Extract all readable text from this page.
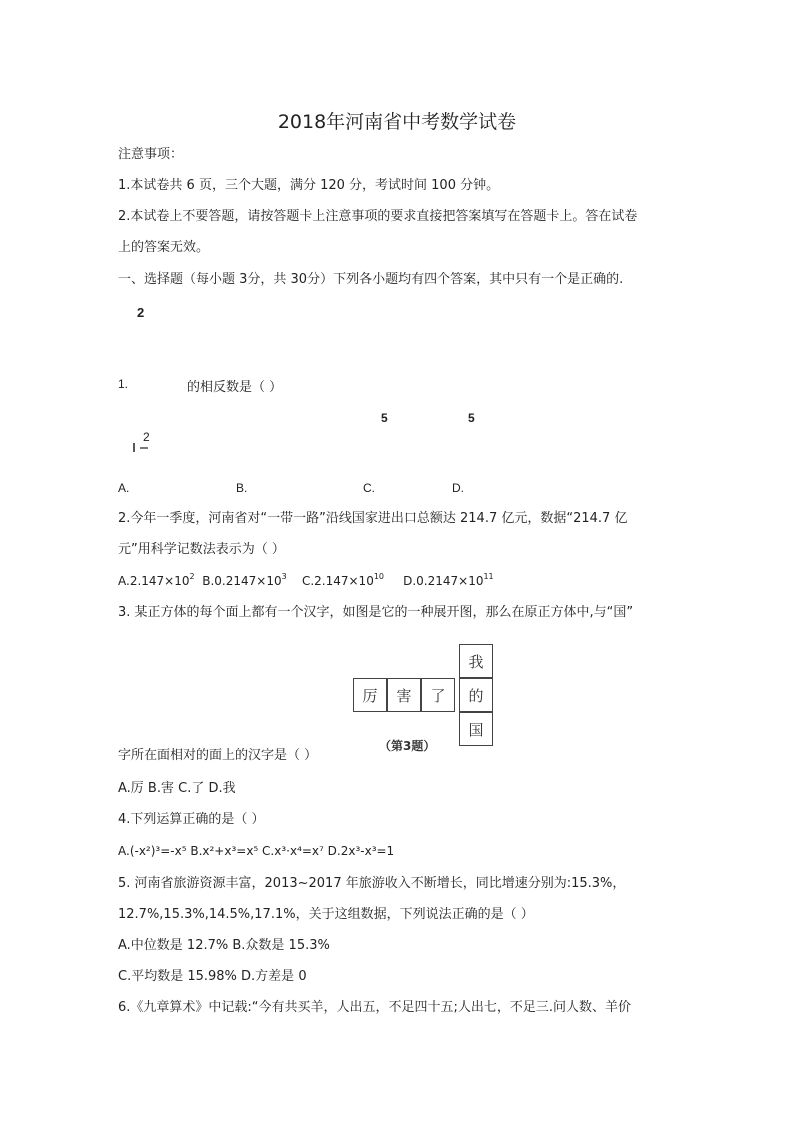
2018年河南省中考数学试卷
注意事项：
1.本试卷共 6 页，三个大题，满分 120 分，考试时间 100 分钟。
2.本试卷上不要答题，请按答题卡上注意事项的要求直接把答案填写在答题卡上。答在试卷
上的答案无效。
一、选择题（每小题 3分，共 30分）下列各小题均有四个答案，其中只有一个是正确的.
2
1.	的相反数是（ ）
5	5
2
A.	B.	C.	D.
2.今年一季度，河南省对“一带一路”沿线国家进出口总额达 214.7 亿元，数据“214.7 亿
元”用科学记数法表示为（ ）
$A.2.147\times 10^2$ $B.0.2147\times 10^3$ $C.2.147\times 10^{10}$ $D.0.2147\times 10^{11}$
3. 某正方体的每个面上都有一个汉字，如图是它的一种展开图，那么在原正方体中,与“国”
厉	害	了
我
的
国
（第3题）
字所在面相对的面上的汉字是（ ）
A.厉 B.害 C.了 D.我
4.下列运算正确的是（ ）
A.(-x²)³=-x⁵ B.x²+x³=x⁵ C.x³·x⁴=x⁷ D.2x³-x³=1
5. 河南省旅游资源丰富，2013~2017 年旅游收入不断增长，同比增速分别为:15.3%，
12.7%,15.3%,14.5%,17.1%，关于这组数据，下列说法正确的是（ ）
A.中位数是 12.7% B.众数是 15.3%
C.平均数是 15.98% D.方差是 0
6.《九章算术》中记载:“今有共买羊，人出五，不足四十五;人出七，不足三.问人数、羊价
